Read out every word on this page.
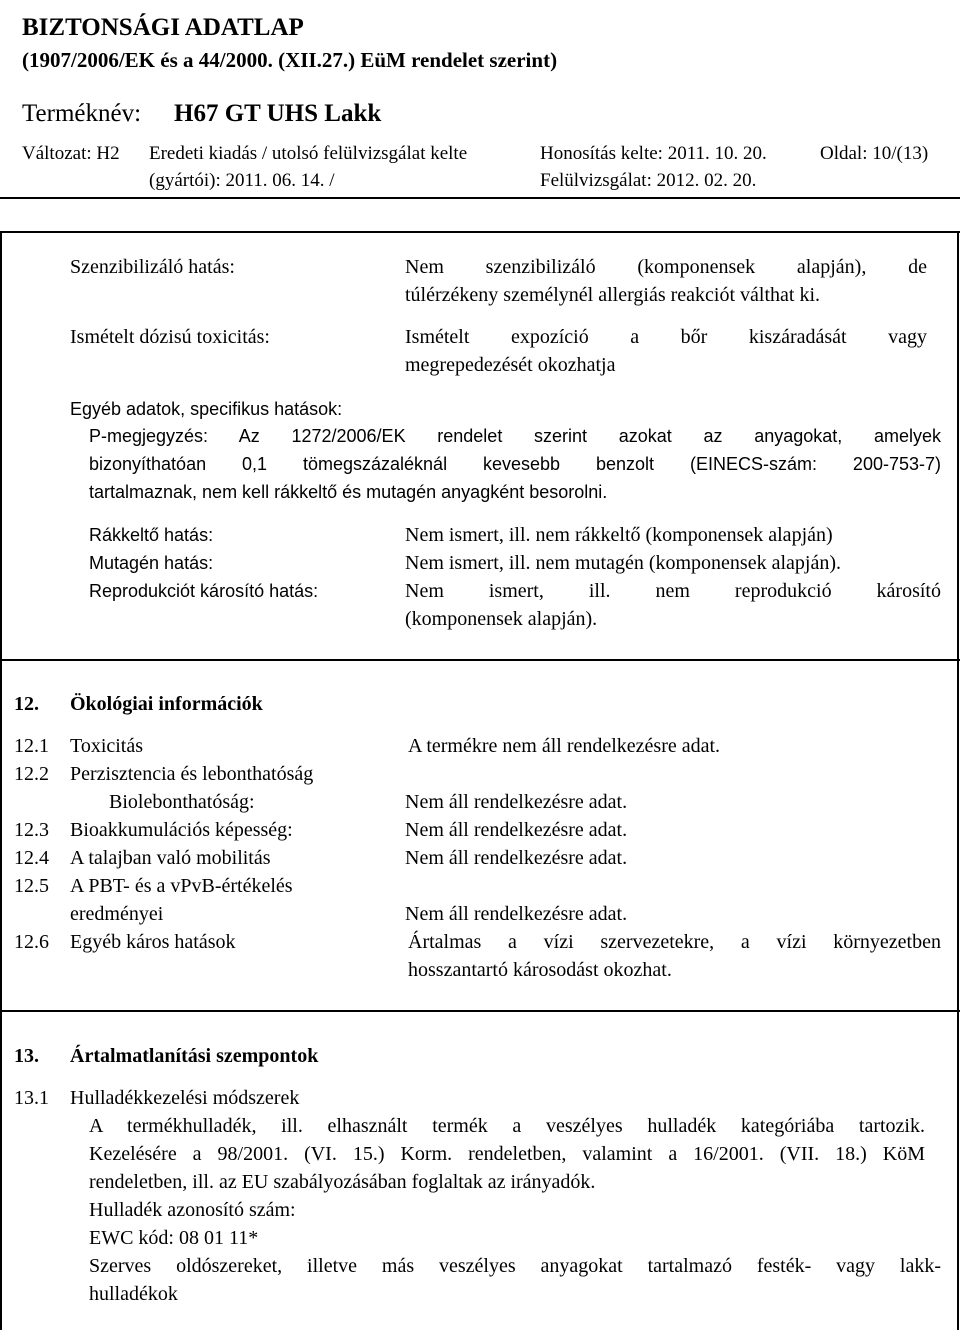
BIZTONSÁGI ADATLAP
(1907/2006/EK és a 44/2000. (XII.27.) EüM rendelet szerint)
Terméknév: H67 GT UHS Lakk
Változat: H2 Eredeti kiadás / utolsó felülvizsgálat kelte
(gyártói): 2011. 06. 14. /
Honosítás kelte: 2011. 10. 20.
Felülvizsgálat: 2012. 02. 20.
Oldal: 10/(13)
Szenzibilizáló hatás:	Nem szenzibilizáló (komponensek alapján), de
túlérzékeny személynél allergiás reakciót válthat ki.
Ismételt dózisú toxicitás:	Ismételt expozíció a bőr kiszáradását vagy
megrepedezését okozhatja
Egyéb adatok, specifikus hatások:
P-megjegyzés: Az 1272/2006/EK rendelet szerint azokat az anyagokat, amelyek
bizonyíthatóan 0,1 tömegszázaléknál kevesebb benzolt (EINECS-szám: 200-753-7)
tartalmaznak, nem kell rákkeltő és mutagén anyagként besorolni.
Rákkeltő hatás:	Nem ismert, ill. nem rákkeltő (komponensek alapján)
Mutagén hatás:	Nem ismert, ill. nem mutagén (komponensek alapján).
Reprodukciót károsító hatás:	Nem ismert, ill. nem reprodukció károsító
(komponensek alapján).
12. Ökológiai információk
12.1 Toxicitás	A termékre nem áll rendelkezésre adat.
12.2 Perzisztencia és lebonthatóság
Biolebonthatóság:	Nem áll rendelkezésre adat.
12.3 Bioakkumulációs képesség:	Nem áll rendelkezésre adat.
12.4 A talajban való mobilitás	Nem áll rendelkezésre adat.
12.5 A PBT- és a vPvB-értékelés
eredményei	Nem áll rendelkezésre adat.
12.6 Egyéb káros hatások	Ártalmas a vízi szervezetekre, a vízi környezetben
hosszantartó károsodást okozhat.
13. Ártalmatlanítási szempontok
13.1 Hulladékkezelési módszerek
A termékhulladék, ill. elhasznált termék a veszélyes hulladék kategóriába tartozik.
Kezelésére a 98/2001. (VI. 15.) Korm. rendeletben, valamint a 16/2001. (VII. 18.) KöM
rendeletben, ill. az EU szabályozásában foglaltak az irányadók.
Hulladék azonosító szám:
EWC kód: 08 01 11*
Szerves oldószereket, illetve más veszélyes anyagokat tartalmazó festék- vagy lakk-
hulladékok
